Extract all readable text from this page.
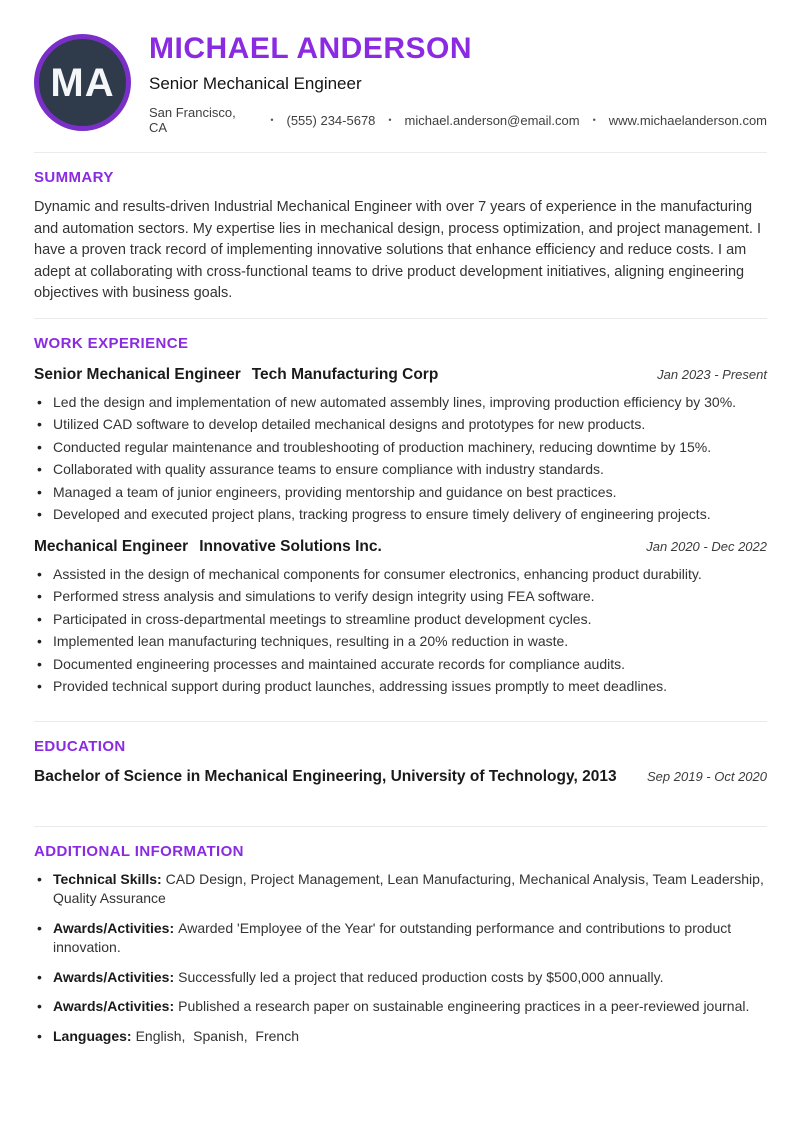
MA
MICHAEL ANDERSON
Senior Mechanical Engineer
San Francisco, CA
• (555) 234-5678 • michael.anderson@email.com • www.michaelanderson.com
SUMMARY

Dynamic and results-driven Industrial Mechanical Engineer with over 7 years of experience in the manufacturing and automation sectors. My expertise lies in mechanical design, process optimization, and project management. I have a proven track record of implementing innovative solutions that enhance efficiency and reduce costs. I am adept at collaborating with cross-functional teams to drive product development initiatives, aligning engineering objectives with business goals.

WORK EXPERIENCE
Senior Mechanical Engineer Tech Manufacturing Corp	Jan 2023 - Present
• Led the design and implementation of new automated assembly lines, improving production efficiency by 30%.
• Utilized CAD software to develop detailed mechanical designs and prototypes for new products.
• Conducted regular maintenance and troubleshooting of production machinery, reducing downtime by 15%.
• Collaborated with quality assurance teams to ensure compliance with industry standards.
• Managed a team of junior engineers, providing mentorship and guidance on best practices.
• Developed and executed project plans, tracking progress to ensure timely delivery of engineering projects.
Mechanical Engineer Innovative Solutions Inc.	Jan 2020 - Dec 2022
• Assisted in the design of mechanical components for consumer electronics, enhancing product durability.
• Performed stress analysis and simulations to verify design integrity using FEA software.
• Participated in cross-departmental meetings to streamline product development cycles.
• Implemented lean manufacturing techniques, resulting in a 20% reduction in waste.
• Documented engineering processes and maintained accurate records for compliance audits.
• Provided technical support during product launches, addressing issues promptly to meet deadlines.
EDUCATION
Bachelor of Science in Mechanical Engineering, University of Technology, 2013 Sep 2019 - Oct 2020
ADDITIONAL INFORMATION
• Technical Skills: CAD Design, Project Management, Lean Manufacturing, Mechanical Analysis, Team Leadership, Quality Assurance
• Awards/Activities: Awarded 'Employee of the Year' for outstanding performance and contributions to product innovation.
• Awards/Activities: Successfully led a project that reduced production costs by $500,000 annually.
• Awards/Activities: Published a research paper on sustainable engineering practices in a peer-reviewed journal.
• Languages: English,  Spanish,  French
